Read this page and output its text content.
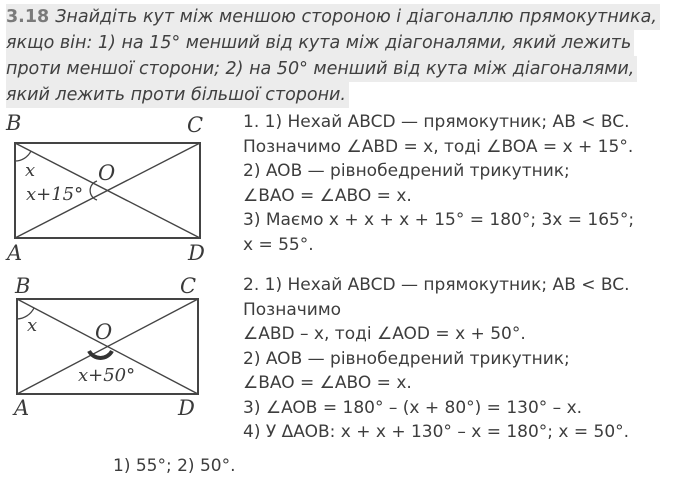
3.18 Знайдіть кут між меншою стороною і діагоналлю прямокутника,
якщо він: 1) на 15° менший від кута між діагоналями, який лежить
проти меншої сторони; 2) на 50° менший від кута між діагоналями,
який лежить проти більшої сторони.
B	C
A	D
O
x
x+15°
B	C
A	D
O
x
x+50°
1. 1) Нехай ABCD — прямокутник; AB < BC.
Позначимо ∠ABD = x, тоді ∠BOA = x + 15°.
2) AOB — рівнобедрений трикутник;
∠BAO = ∠ABO = x.
3) Маємо x + x + x + 15° = 180°; 3x = 165°;
x = 55°.
2. 1) Нехай ABCD — прямокутник; AB < BC.
Позначимо
∠ABD – x, тоді ∠AOD = x + 50°.
2) AOB — рівнобедрений трикутник;
∠BAO = ∠ABO = x.
3) ∠AOB = 180° – (x + 80°) = 130° – x.
4) У ΔAOB: x + x + 130° – x = 180°; x = 50°.
1) 55°; 2) 50°.
